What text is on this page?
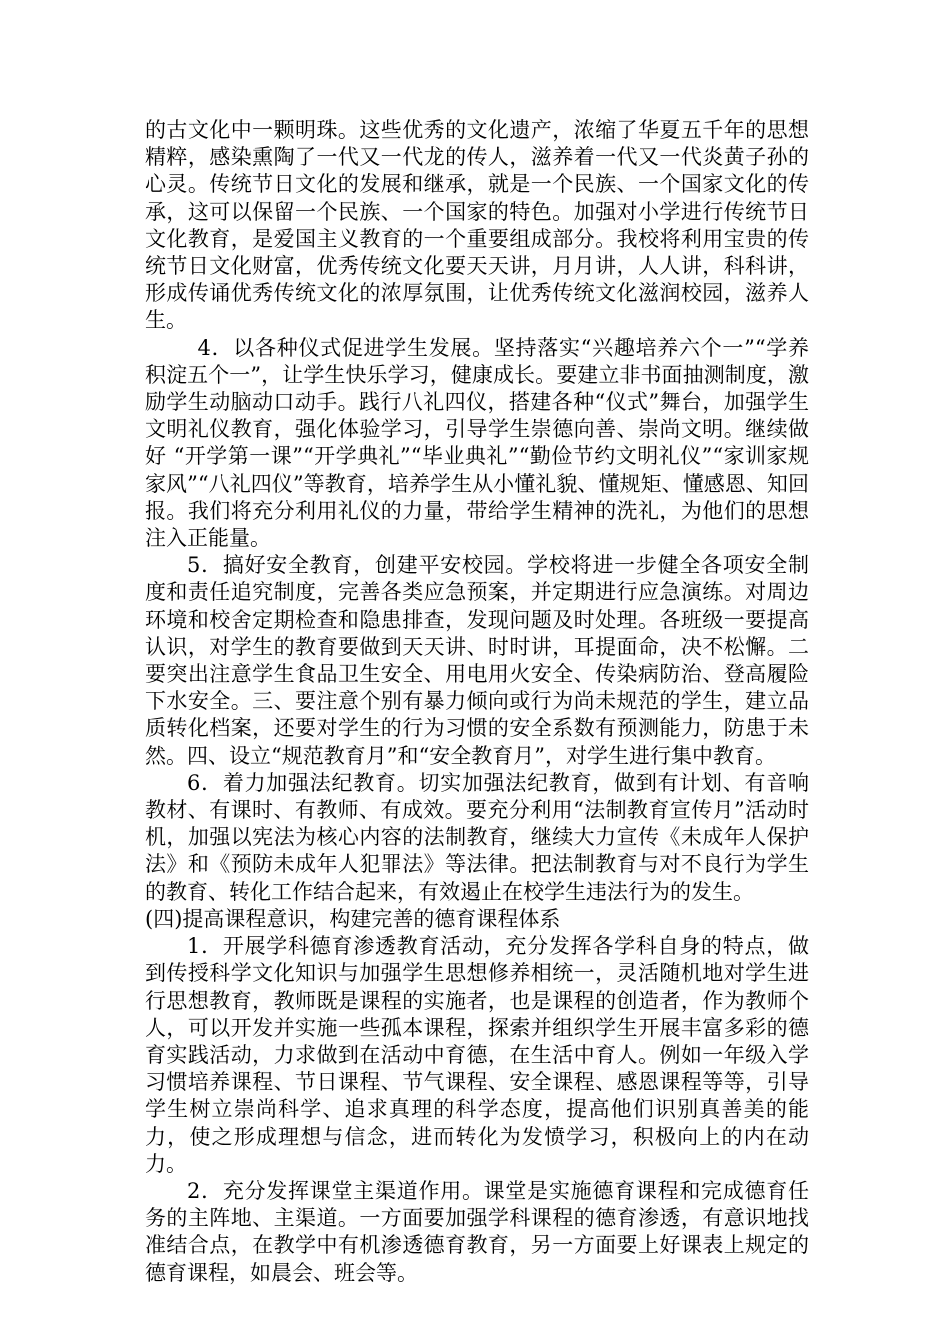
的古文化中一颗明珠。这些优秀的文化遗产，浓缩了华夏五千年的思想精粹，感染熏陶了一代又一代龙的传人，滋养着一代又一代炎黄子孙的心灵。传统节日文化的发展和继承，就是一个民族、一个国家文化的传承，这可以保留一个民族、一个国家的特色。加强对小学进行传统节日文化教育，是爱国主义教育的一个重要组成部分。我校将利用宝贵的传统节日文化财富，优秀传统文化要天天讲，月月讲，人人讲，科科讲，形成传诵优秀传统文化的浓厚氛围，让优秀传统文化滋润校园，滋养人生。

4．以各种仪式促进学生发展。坚持落实“兴趣培养六个一”“学养积淀五个一”，让学生快乐学习，健康成长。要建立非书面抽测制度，激励学生动脑动口动手。践行八礼四仪，搭建各种“仪式”舞台，加强学生文明礼仪教育，强化体验学习，引导学生崇德向善、崇尚文明。继续做好 “开学第一课”“开学典礼”“毕业典礼”“勤俭节约文明礼仪”“家训家规家风”“八礼四仪”等教育，培养学生从小懂礼貌、懂规矩、懂感恩、知回报。我们将充分利用礼仪的力量，带给学生精神的洗礼，为他们的思想注入正能量。

5．搞好安全教育，创建平安校园。学校将进一步健全各项安全制度和责任追究制度，完善各类应急预案，并定期进行应急演练。对周边环境和校舍定期检查和隐患排查，发现问题及时处理。各班级一要提高认识，对学生的教育要做到天天讲、时时讲，耳提面命，决不松懈。二要突出注意学生食品卫生安全、用电用火安全、传染病防治、登高履险下水安全。三、要注意个别有暴力倾向或行为尚未规范的学生，建立品质转化档案，还要对学生的行为习惯的安全系数有预测能力，防患于未然。四、设立“规范教育月”和“安全教育月”，对学生进行集中教育。

6．着力加强法纪教育。切实加强法纪教育，做到有计划、有音响教材、有课时、有教师、有成效。要充分利用“法制教育宣传月”活动时机，加强以宪法为核心内容的法制教育，继续大力宣传《未成年人保护法》和《预防未成年人犯罪法》等法律。把法制教育与对不良行为学生的教育、转化工作结合起来，有效遏止在校学生违法行为的发生。

(四)提高课程意识，构建完善的德育课程体系

1．开展学科德育渗透教育活动，充分发挥各学科自身的特点，做到传授科学文化知识与加强学生思想修养相统一，灵活随机地对学生进行思想教育，教师既是课程的实施者，也是课程的创造者，作为教师个人，可以开发并实施一些孤本课程，探索并组织学生开展丰富多彩的德育实践活动，力求做到在活动中育德，在生活中育人。例如一年级入学习惯培养课程、节日课程、节气课程、安全课程、感恩课程等等，引导学生树立崇尚科学、追求真理的科学态度，提高他们识别真善美的能力，使之形成理想与信念，进而转化为发愤学习，积极向上的内在动力。

2．充分发挥课堂主渠道作用。课堂是实施德育课程和完成德育任务的主阵地、主渠道。一方面要加强学科课程的德育渗透，有意识地找准结合点，在教学中有机渗透德育教育，另一方面要上好课表上规定的德育课程，如晨会、班会等。
